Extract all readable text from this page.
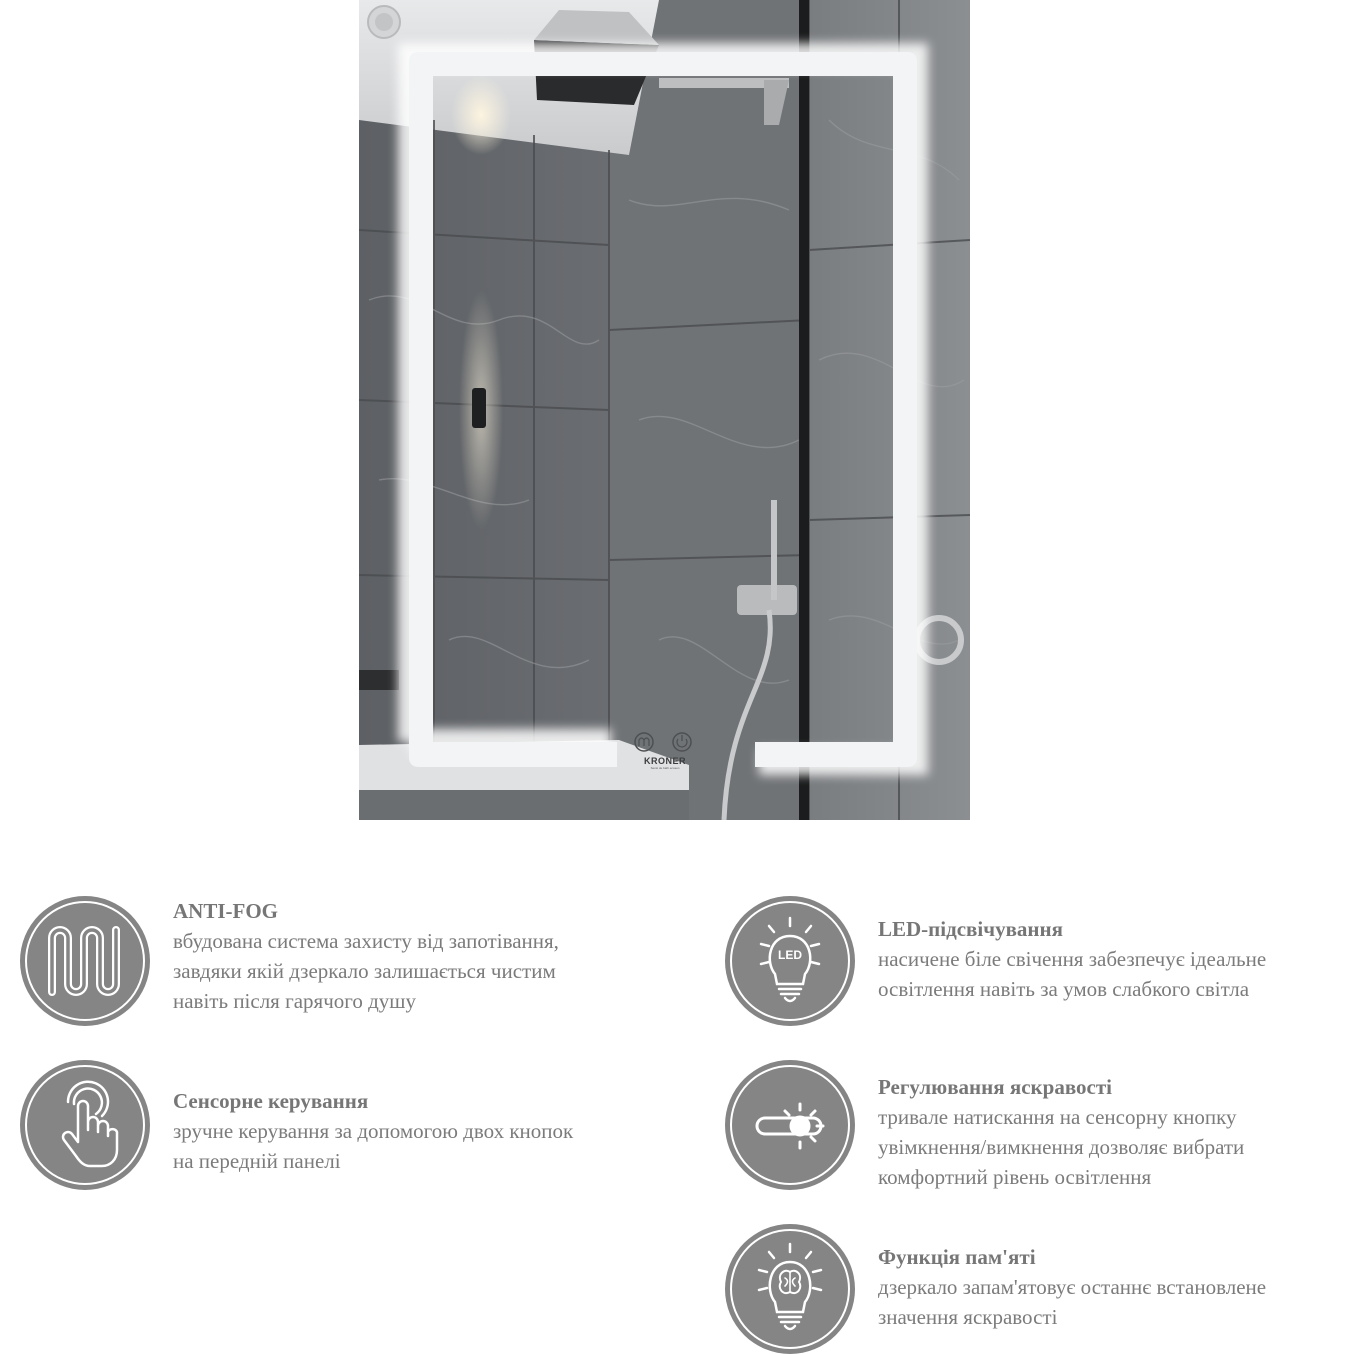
KRONER
Sensi de bath ecosen
ANTI-FOG
вбудована система захисту від запотівання,
завдяки якій дзеркало залишається чистим
навіть після гарячого душу
LED
LED-підсвічування
насичене біле свічення забезпечує ідеальне
освітлення навіть за умов слабкого світла
Сенсорне керування
зручне керування за допомогою двох кнопок
на передній панелі
Регулювання яскравості
тривале натискання на сенсорну кнопку
увімкнення/вимкнення дозволяє вибрати
комфортний рівень освітлення
Функція пам'яті
дзеркало запам'ятовує останнє встановлене
значення яскравості
